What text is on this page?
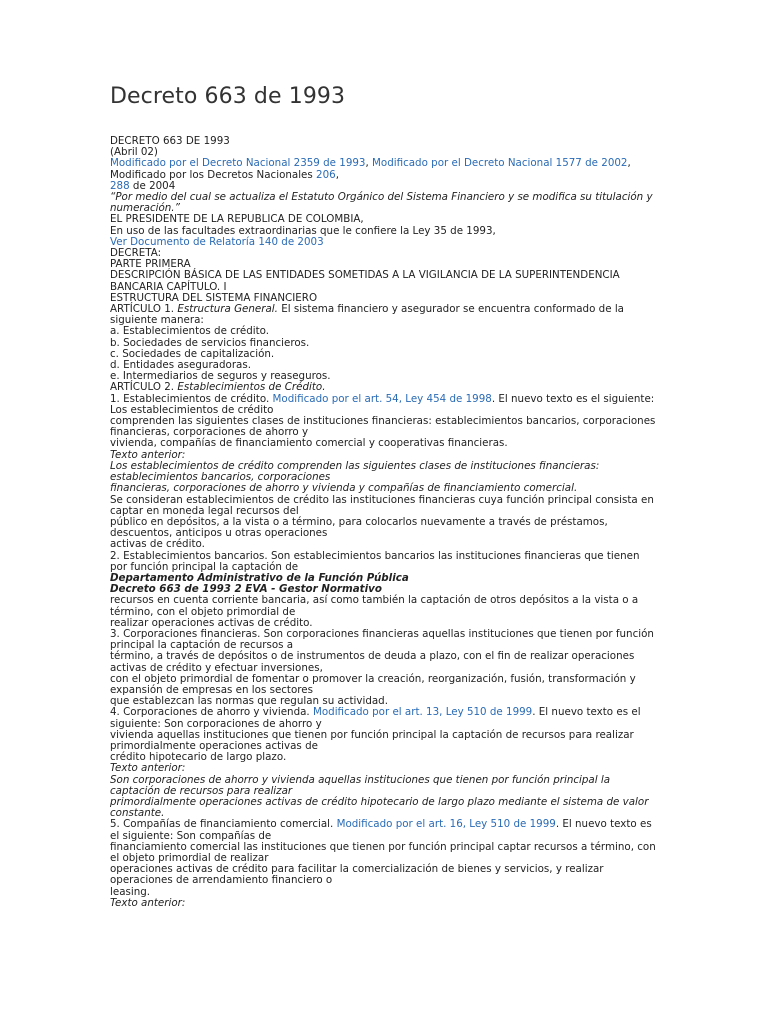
Decreto 663 de 1993
DECRETO 663 DE 1993
(Abril 02)
Modificado por el Decreto Nacional 2359 de 1993, Modificado por el Decreto Nacional 1577 de 2002, Modificado por los Decretos Nacionales 206,
288 de 2004
“Por medio del cual se actualiza el Estatuto Orgánico del Sistema Financiero y se modifica su titulación y numeración.”
EL PRESIDENTE DE LA REPUBLICA DE COLOMBIA,
En uso de las facultades extraordinarias que le confiere la Ley 35 de 1993,
Ver Documento de Relatoría 140 de 2003
DECRETA:
PARTE PRIMERA
DESCRIPCIÓN BÁSICA DE LAS ENTIDADES SOMETIDAS A LA VIGILANCIA DE LA SUPERINTENDENCIA BANCARIA CAPÍTULO. I
ESTRUCTURA DEL SISTEMA FINANCIERO
ARTÍCULO 1. Estructura General. El sistema financiero y asegurador se encuentra conformado de la siguiente manera:
a. Establecimientos de crédito.
b. Sociedades de servicios financieros.
c. Sociedades de capitalización.
d. Entidades aseguradoras.
e. Intermediarios de seguros y reaseguros.
ARTÍCULO 2. Establecimientos de Crédito.
1. Establecimientos de crédito. Modificado por el art. 54, Ley 454 de 1998. El nuevo texto es el siguiente: Los establecimientos de crédito
comprenden las siguientes clases de instituciones financieras: establecimientos bancarios, corporaciones financieras, corporaciones de ahorro y
vivienda, compañías de financiamiento comercial y cooperativas financieras.
Texto anterior:
Los establecimientos de crédito comprenden las siguientes clases de instituciones financieras: establecimientos bancarios, corporaciones
financieras, corporaciones de ahorro y vivienda y compañías de financiamiento comercial.
Se consideran establecimientos de crédito las instituciones financieras cuya función principal consista en captar en moneda legal recursos del
público en depósitos, a la vista o a término, para colocarlos nuevamente a través de préstamos, descuentos, anticipos u otras operaciones
activas de crédito.
2. Establecimientos bancarios. Son establecimientos bancarios las instituciones financieras que tienen por función principal la captación de
Departamento Administrativo de la Función Pública
Decreto 663 de 1993 2 EVA - Gestor Normativo
recursos en cuenta corriente bancaria, así como también la captación de otros depósitos a la vista o a término, con el objeto primordial de
realizar operaciones activas de crédito.
3. Corporaciones financieras. Son corporaciones financieras aquellas instituciones que tienen por función principal la captación de recursos a
término, a través de depósitos o de instrumentos de deuda a plazo, con el fin de realizar operaciones activas de crédito y efectuar inversiones,
con el objeto primordial de fomentar o promover la creación, reorganización, fusión, transformación y expansión de empresas en los sectores
que establezcan las normas que regulan su actividad.
4. Corporaciones de ahorro y vivienda. Modificado por el art. 13, Ley 510 de 1999. El nuevo texto es el siguiente: Son corporaciones de ahorro y
vivienda aquellas instituciones que tienen por función principal la captación de recursos para realizar primordialmente operaciones activas de
crédito hipotecario de largo plazo.
Texto anterior:
Son corporaciones de ahorro y vivienda aquellas instituciones que tienen por función principal la captación de recursos para realizar
primordialmente operaciones activas de crédito hipotecario de largo plazo mediante el sistema de valor constante.
5. Compañías de financiamiento comercial. Modificado por el art. 16, Ley 510 de 1999. El nuevo texto es el siguiente: Son compañías de
financiamiento comercial las instituciones que tienen por función principal captar recursos a término, con el objeto primordial de realizar
operaciones activas de crédito para facilitar la comercialización de bienes y servicios, y realizar operaciones de arrendamiento financiero o
leasing.
Texto anterior:
